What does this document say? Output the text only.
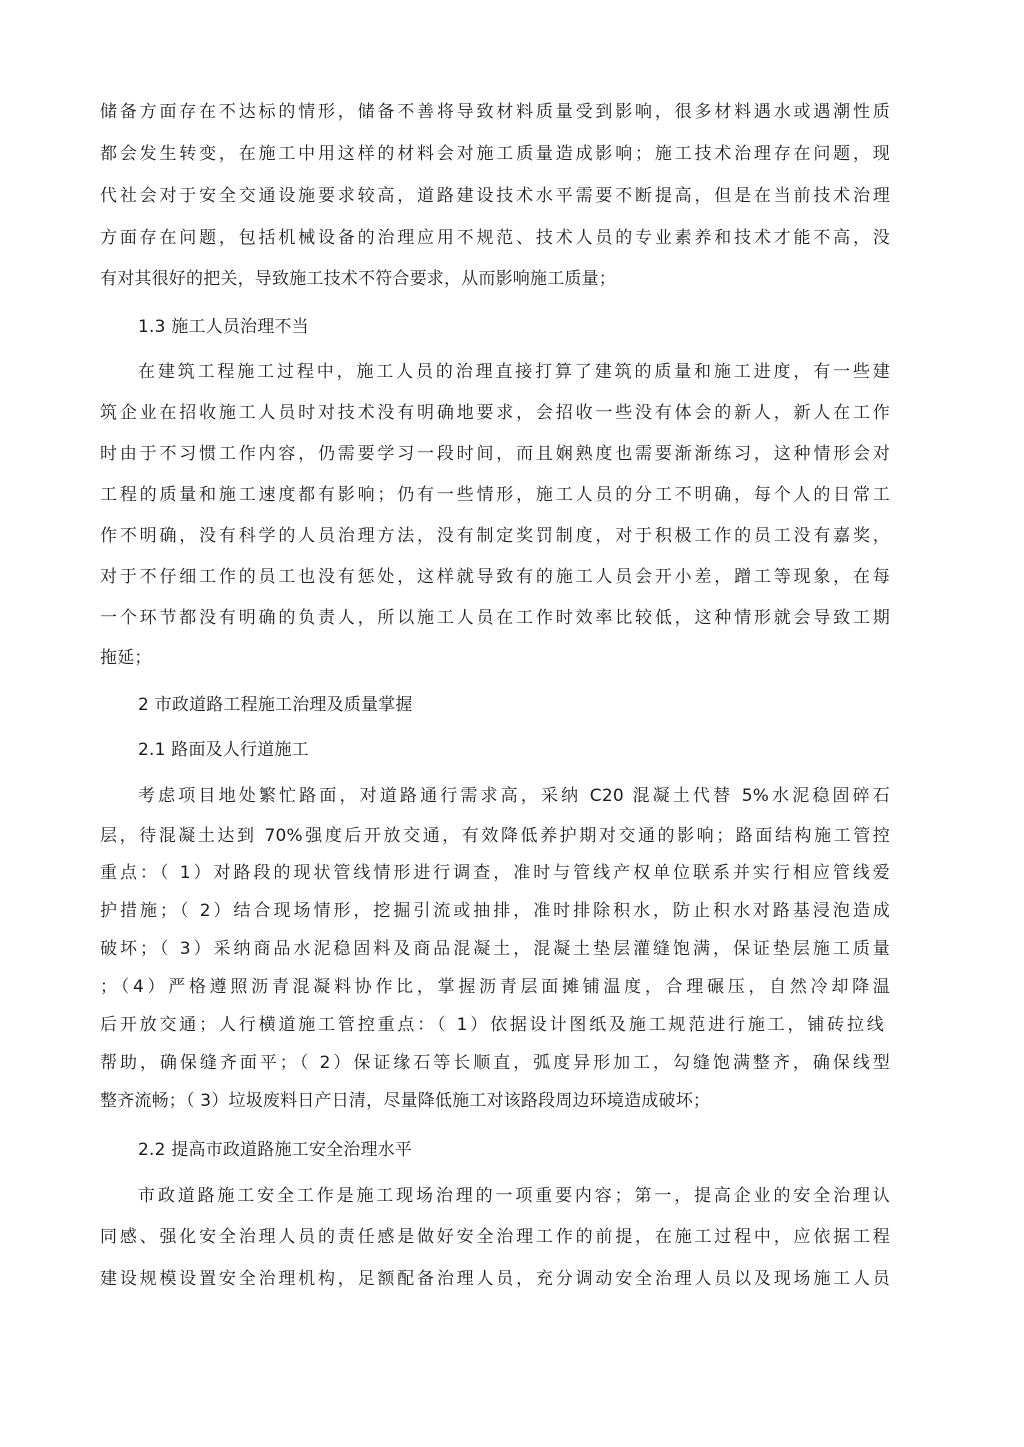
储备方面存在不达标的情形，储备不善将导致材料质量受到影响，很多材料遇水或遇潮性质

都会发生转变，在施工中用这样的材料会对施工质量造成影响；施工技术治理存在问题，现

代社会对于安全交通设施要求较高，道路建设技术水平需要不断提高，但是在当前技术治理

方面存在问题，包括机械设备的治理应用不规范、技术人员的专业素养和技术才能不高，没

有对其很好的把关，导致施工技术不符合要求，从而影响施工质量；

1.3 施工人员治理不当

在建筑工程施工过程中，施工人员的治理直接打算了建筑的质量和施工进度，有一些建

筑企业在招收施工人员时对技术没有明确地要求，会招收一些没有体会的新人，新人在工作

时由于不习惯工作内容，仍需要学习一段时间，而且娴熟度也需要渐渐练习，这种情形会对

工程的质量和施工速度都有影响；仍有一些情形，施工人员的分工不明确，每个人的日常工

作不明确，没有科学的人员治理方法，没有制定奖罚制度，对于积极工作的员工没有嘉奖，

对于不仔细工作的员工也没有惩处，这样就导致有的施工人员会开小差，蹭工等现象，在每

一个环节都没有明确的负责人，所以施工人员在工作时效率比较低，这种情形就会导致工期

拖延；

2 市政道路工程施工治理及质量掌握

2.1 路面及人行道施工

考虑项目地处繁忙路面，对道路通行需求高，采纳 C20 混凝土代替 5%水泥稳固碎石

层，待混凝土达到 70%强度后开放交通，有效降低养护期对交通的影响；路面结构施工管控

重点：（ 1）对路段的现状管线情形进行调查，准时与管线产权单位联系并实行相应管线爱

护措施；（ 2）结合现场情形，挖掘引流或抽排，准时排除积水，防止积水对路基浸泡造成

破坏；（ 3）采纳商品水泥稳固料及商品混凝土，混凝土垫层灌缝饱满，保证垫层施工质量

；（4）严格遵照沥青混凝料协作比，掌握沥青层面摊铺温度，合理碾压，自然冷却降温

后开放交通；人行横道施工管控重点：（ 1）依据设计图纸及施工规范进行施工，铺砖拉线

帮助，确保缝齐面平；（ 2）保证缘石等长顺直，弧度异形加工，勾缝饱满整齐，确保线型

整齐流畅；（ 3）垃圾废料日产日清，尽量降低施工对该路段周边环境造成破坏；

2.2 提高市政道路施工安全治理水平

市政道路施工安全工作是施工现场治理的一项重要内容；第一，提高企业的安全治理认

同感、强化安全治理人员的责任感是做好安全治理工作的前提，在施工过程中，应依据工程

建设规模设置安全治理机构，足额配备治理人员，充分调动安全治理人员以及现场施工人员
